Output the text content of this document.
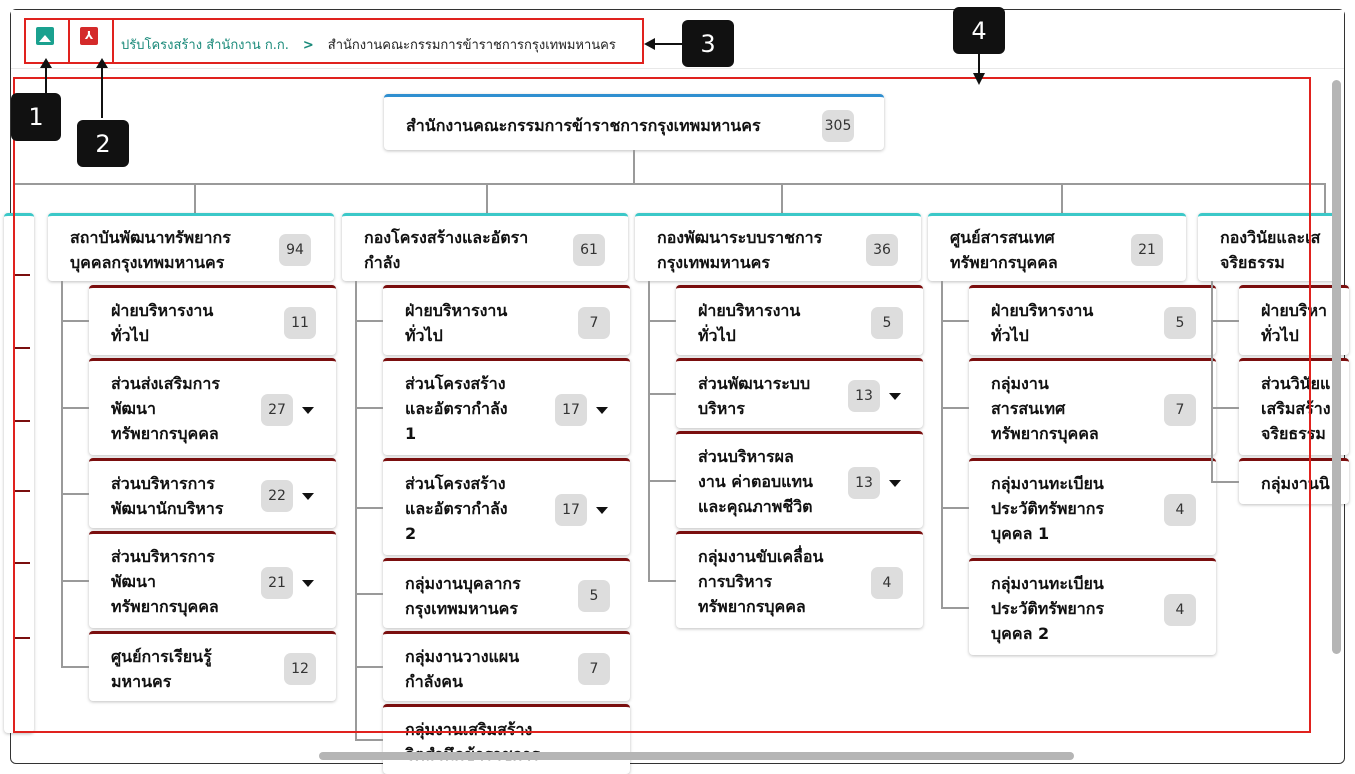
⅄
ปรับโครงสร้าง สำนักงาน ก.ก. > สำนักงานคณะกรรมการข้าราชการกรุงเทพมหานคร
สำนักงานคณะกรรมการข้าราชการกรุงเทพมหานคร	305
สถาบันพัฒนาทรัพยากร
บุคคลกรุงเทพมหานคร
94
ฝ่ายบริหารงาน
ทั่วไป
11
ส่วนส่งเสริมการ
พัฒนา
ทรัพยากรบุคคล
27
ส่วนบริหารการ
พัฒนานักบริหาร
22
ส่วนบริหารการ
พัฒนา
ทรัพยากรบุคคล
21
ศูนย์การเรียนรู้
มหานคร
12
กองโครงสร้างและอัตรา
กำลัง
61
ฝ่ายบริหารงาน
ทั่วไป
7
ส่วนโครงสร้าง
และอัตรากำลัง
1
17
ส่วนโครงสร้าง
และอัตรากำลัง
2
17
กลุ่มงานบุคลากร
กรุงเทพมหานคร
5
กลุ่มงานวางแผน
กำลังคน
7
กลุ่มงานเสริมสร้าง
กองพัฒนาระบบราชการ
กรุงเทพมหานคร
36
ฝ่ายบริหารงาน
ทั่วไป
5
ส่วนพัฒนาระบบ
บริหาร
13
ส่วนบริหารผล
งาน ค่าตอบแทน
และคุณภาพชีวิต
13
กลุ่มงานขับเคลื่อน
การบริหาร
ทรัพยากรบุคคล
4
ศูนย์สารสนเทศ
ทรัพยากรบุคคล
21
ฝ่ายบริหารงาน
ทั่วไป
5
กลุ่มงาน
สารสนเทศ
ทรัพยากรบุคคล
7
กลุ่มงานทะเบียน
ประวัติทรัพยากร
บุคคล 1
4
กลุ่มงานทะเบียน
ประวัติทรัพยากร
บุคคล 2
4
กองวินัยและเส
จริยธรรม
ฝ่ายบริหา
ทั่วไป
ส่วนวินัยแ
เสริมสร้าง
จริยธรรม
กลุ่มงานนิ
1
2
3	4
